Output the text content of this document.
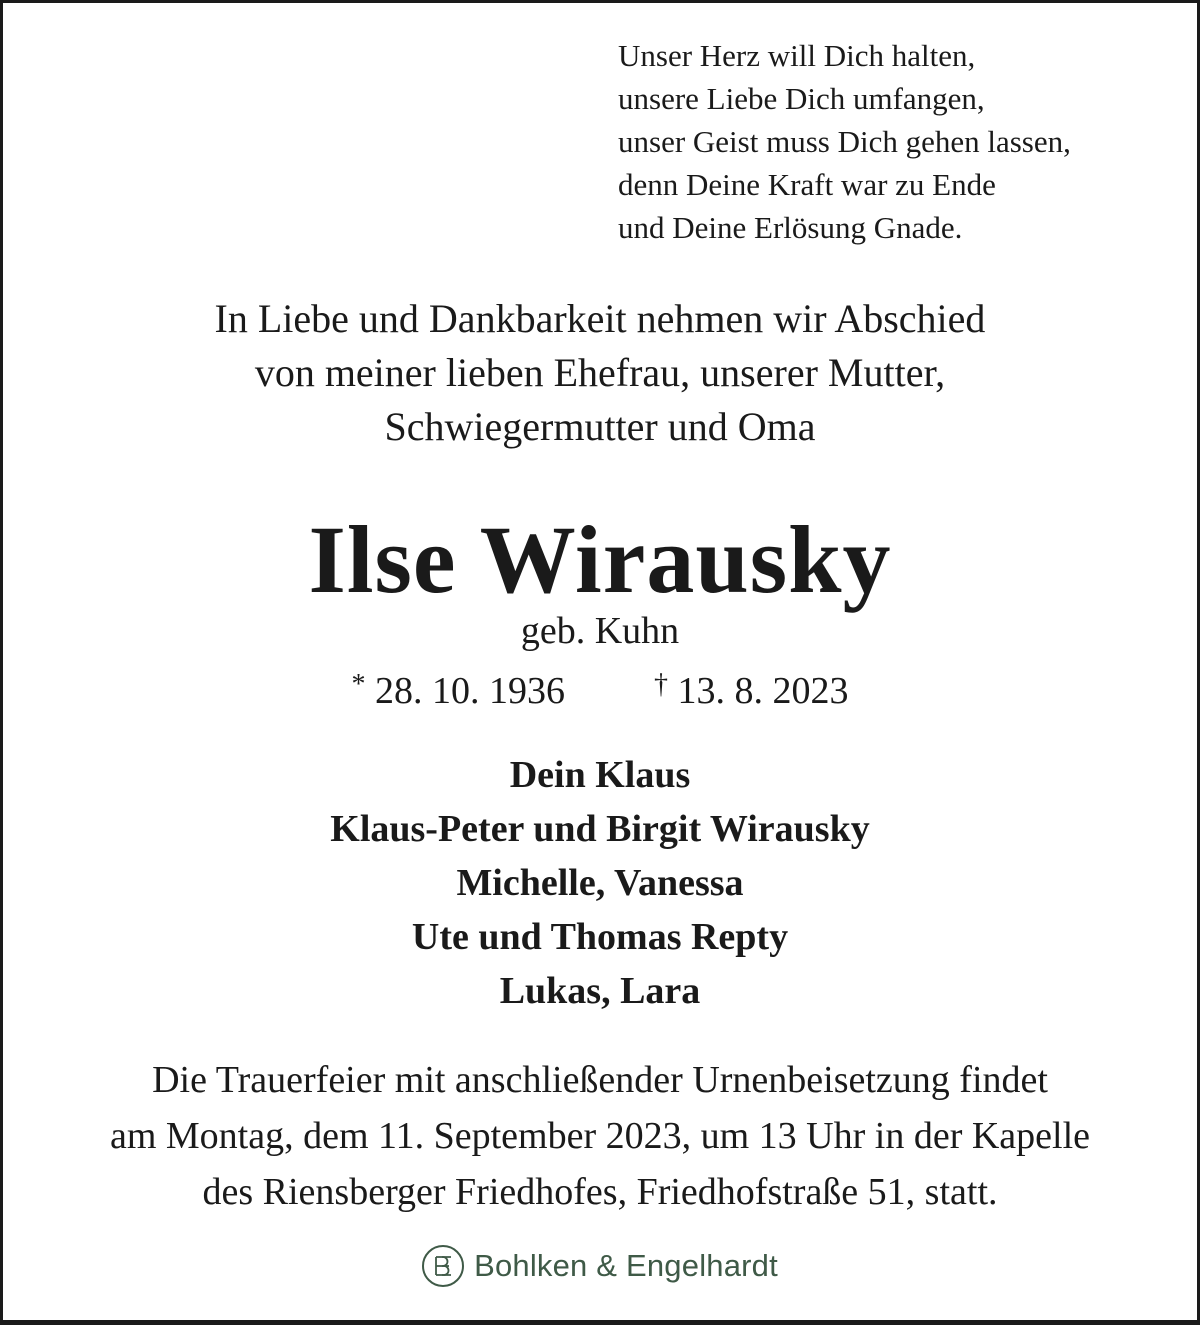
Unser Herz will Dich halten,
unsere Liebe Dich umfangen,
unser Geist muss Dich gehen lassen,
denn Deine Kraft war zu Ende
und Deine Erlösung Gnade.
In Liebe und Dankbarkeit nehmen wir Abschied
von meiner lieben Ehefrau, unserer Mutter,
Schwiegermutter und Oma
Ilse Wirausky
geb. Kuhn
* 28. 10. 1936	† 13. 8. 2023
Dein Klaus
Klaus-Peter und Birgit Wirausky
Michelle, Vanessa
Ute und Thomas Repty
Lukas, Lara
Die Trauerfeier mit anschließender Urnenbeisetzung findet
am Montag, dem 11. September 2023, um 13 Uhr in der Kapelle
des Riensberger Friedhofes, Friedhofstraße 51, statt.
Bohlken & Engelhardt
